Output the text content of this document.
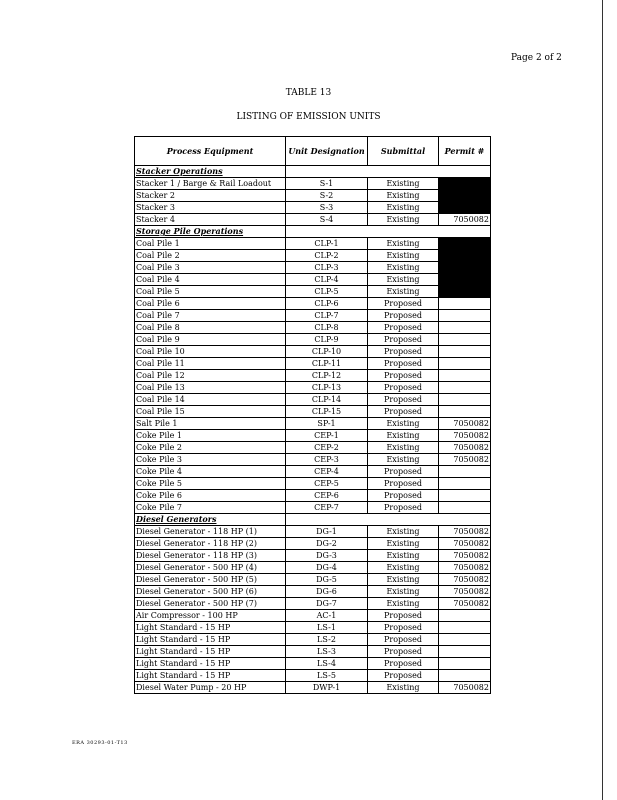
Page 2 of 2
TABLE 13
LISTING OF EMISSION UNITS
Process Equipment	Unit Designation	Submittal	Permit #
Stacker Operations			
Stacker 1 / Barge & Rail Loadout	S-1	Existing	
Stacker 2	S-2	Existing	
Stacker 3	S-3	Existing	
Stacker 4	S-4	Existing	7050082
Storage Pile Operations			
Coal Pile 1	CLP-1	Existing	
Coal Pile 2	CLP-2	Existing	
Coal Pile 3	CLP-3	Existing	
Coal Pile 4	CLP-4	Existing	
Coal Pile 5	CLP-5	Existing	
Coal Pile 6	CLP-6	Proposed	
Coal Pile 7	CLP-7	Proposed	
Coal Pile 8	CLP-8	Proposed	
Coal Pile 9	CLP-9	Proposed	
Coal Pile 10	CLP-10	Proposed	
Coal Pile 11	CLP-11	Proposed	
Coal Pile 12	CLP-12	Proposed	
Coal Pile 13	CLP-13	Proposed	
Coal Pile 14	CLP-14	Proposed	
Coal Pile 15	CLP-15	Proposed	
Salt Pile 1	SP-1	Existing	7050082
Coke Pile 1	CEP-1	Existing	7050082
Coke Pile 2	CEP-2	Existing	7050082
Coke Pile 3	CEP-3	Existing	7050082
Coke Pile 4	CEP-4	Proposed	
Coke Pile 5	CEP-5	Proposed	
Coke Pile 6	CEP-6	Proposed	
Coke Pile 7	CEP-7	Proposed	
Diesel Generators			
Diesel Generator - 118 HP (1)	DG-1	Existing	7050082
Diesel Generator - 118 HP (2)	DG-2	Existing	7050082
Diesel Generator - 118 HP (3)	DG-3	Existing	7050082
Diesel Generator - 500 HP (4)	DG-4	Existing	7050082
Diesel Generator - 500 HP (5)	DG-5	Existing	7050082
Diesel Generator - 500 HP (6)	DG-6	Existing	7050082
Diesel Generator - 500 HP (7)	DG-7	Existing	7050082
Air Compressor - 100 HP	AC-1	Proposed	
Light Standard - 15 HP	LS-1	Proposed	
Light Standard - 15 HP	LS-2	Proposed	
Light Standard - 15 HP	LS-3	Proposed	
Light Standard - 15 HP	LS-4	Proposed	
Light Standard - 15 HP	LS-5	Proposed	
Diesel Water Pump - 20 HP	DWP-1	Existing	7050082
ERA 30293-01-T13
